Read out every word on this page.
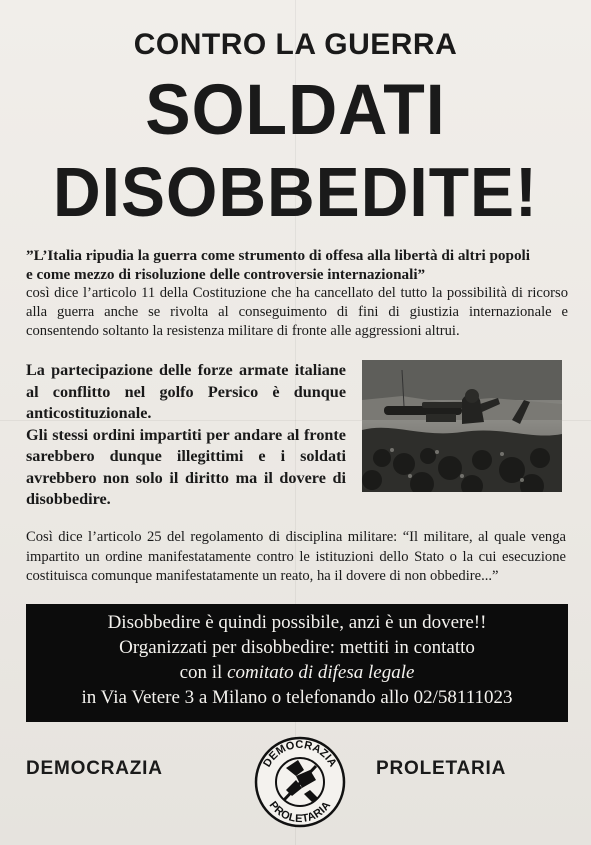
CONTRO LA GUERRA
SOLDATI
DISOBBEDITE!
”L’Italia ripudia la guerra come strumento di offesa alla libertà di altri popoli
e come mezzo di risoluzione delle controversie internazionali”
così dice l’articolo 11 della Costituzione che ha cancellato del tutto la possibilità di ricorso alla guerra anche se rivolta al conseguimento di fini di giustizia internazionale e consentendo soltanto la resistenza militare di fronte alle aggressioni altrui.
La partecipazione delle forze armate italiane al conflitto nel golfo Persico è dunque anticostituzionale.
Gli stessi ordini impartiti per andare al fronte sarebbero dunque illegittimi e i soldati avrebbero non solo il diritto ma il dovere di disobbedire.
Così dice l’articolo 25 del regolamento di disciplina militare: “Il militare, al quale venga impartito un ordine manifestatamente contro le istituzioni dello Stato o la cui esecuzione costituisca comunque manifestatamente un reato, ha il dovere di non obbedire...”
Disobbedire è quindi possibile, anzi è un dovere!!
Organizzati per disobbedire: mettiti in contatto
con il comitato di difesa legale
in Via Vetere 3 a Milano o telefonando allo 02/58111023
DEMOCRAZIA	PROLETARIA
DEMOCRAZIA
PROLETARIA
